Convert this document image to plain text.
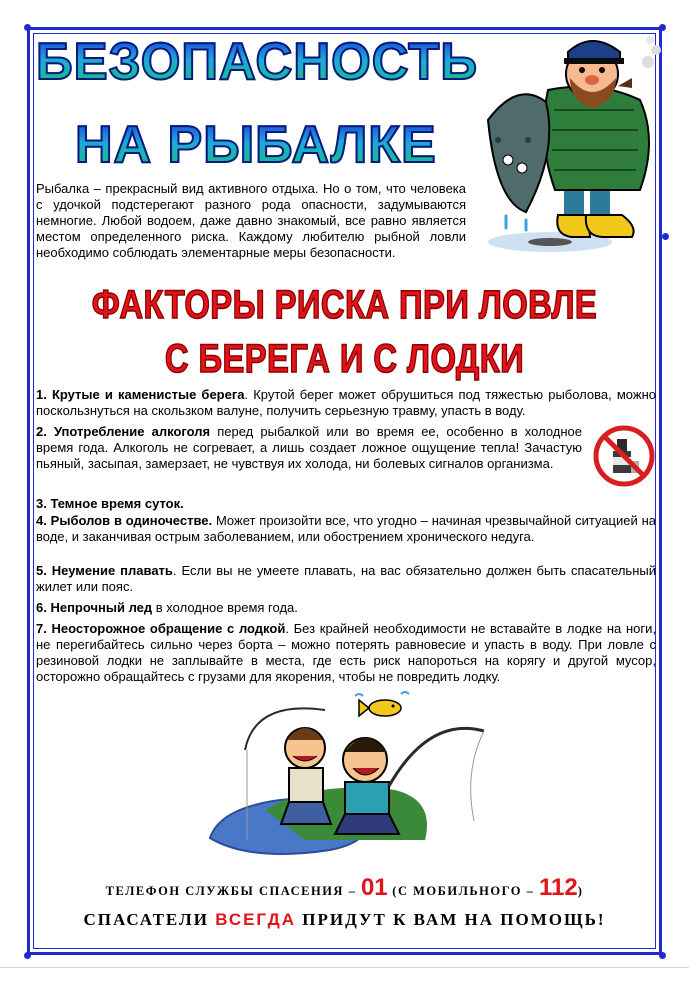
БЕЗОПАСНОСТЬ
НА РЫБАЛКЕ

Рыбалка – прекрасный вид активного отдыха. Но о том, что человека с удочкой подстерегают разного рода опасности, задумываются немногие. Любой водоем, даже давно знакомый, все равно является местом определенного риска. Каждому любителю рыбной ловли необходимо соблюдать элементарные меры безопасности.

ФАКТОРЫ РИСКА ПРИ ЛОВЛЕ
С БЕРЕГА И С ЛОДКИ

1. Крутые и каменистые берега. Крутой берег может обрушиться под тяжестью рыболова, можно поскользнуться на скользком валуне, получить серьезную травму, упасть в воду.

2. Употребление алкоголя перед рыбалкой или во время ее, особенно в холодное время года. Алкоголь не согревает, а лишь создает ложное ощущение тепла! Зачастую пьяный, засыпая, замерзает, не чувствуя их холода, ни болевых сигналов организма.

3. Темное время суток.

4. Рыболов в одиночестве. Может произойти все, что угодно – начиная чрезвычайной ситуацией на воде, и заканчивая острым заболеванием, или обострением хронического недуга.

5. Неумение плавать. Если вы не умеете плавать, на вас обязательно должен быть спасательный жилет или пояс.

6. Непрочный лед в холодное время года.

7. Неосторожное обращение с лодкой. Без крайней необходимости не вставайте в лодке на ноги, не перегибайтесь сильно через борта – можно потерять равновесие и упасть в воду. При ловле с резиновой лодки не заплывайте в места, где есть риск напороться на корягу и другой мусор, осторожно обращайтесь с грузами для якорения, чтобы не повредить лодку.

ТЕЛЕФОН СЛУЖБЫ СПАСЕНИЯ – 01 (С МОБИЛЬНОГО – 112)
СПАСАТЕЛИ ВСЕГДА ПРИДУТ К ВАМ НА ПОМОЩЬ!
